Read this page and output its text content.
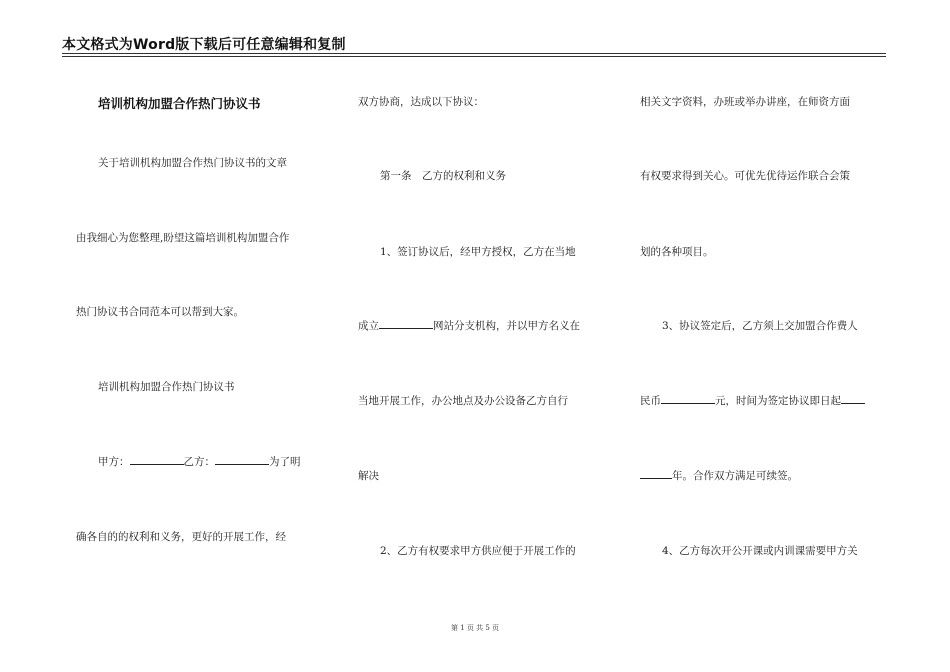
本文格式为Word版下载后可任意编辑和复制
培训机构加盟合作热门协议书
关于培训机构加盟合作热门协议书的文章
由我细心为您整理,盼望这篇培训机构加盟合作
热门协议书合同范本可以帮到大家。
培训机构加盟合作热门协议书
甲方：	乙方：	为了明
确各自的的权利和义务，更好的开展工作，经
双方协商，达成以下协议：
第一条　乙方的权利和义务
1、签订协议后，经甲方授权，乙方在当地
成立	网站分支机构，并以甲方名义在
当地开展工作，办公地点及办公设备乙方自行
解决
2、乙方有权要求甲方供应便于开展工作的
相关文字资料，办班或举办讲座，在师资方面
有权要求得到关心。可优先优待运作联合会策
划的各种项目。
3、协议签定后，乙方须上交加盟合作费人
民币	元，时间为签定协议即日起
年。合作双方满足可续签。
4、乙方每次开公开课或内训课需要甲方关
第 1 页 共 5 页
